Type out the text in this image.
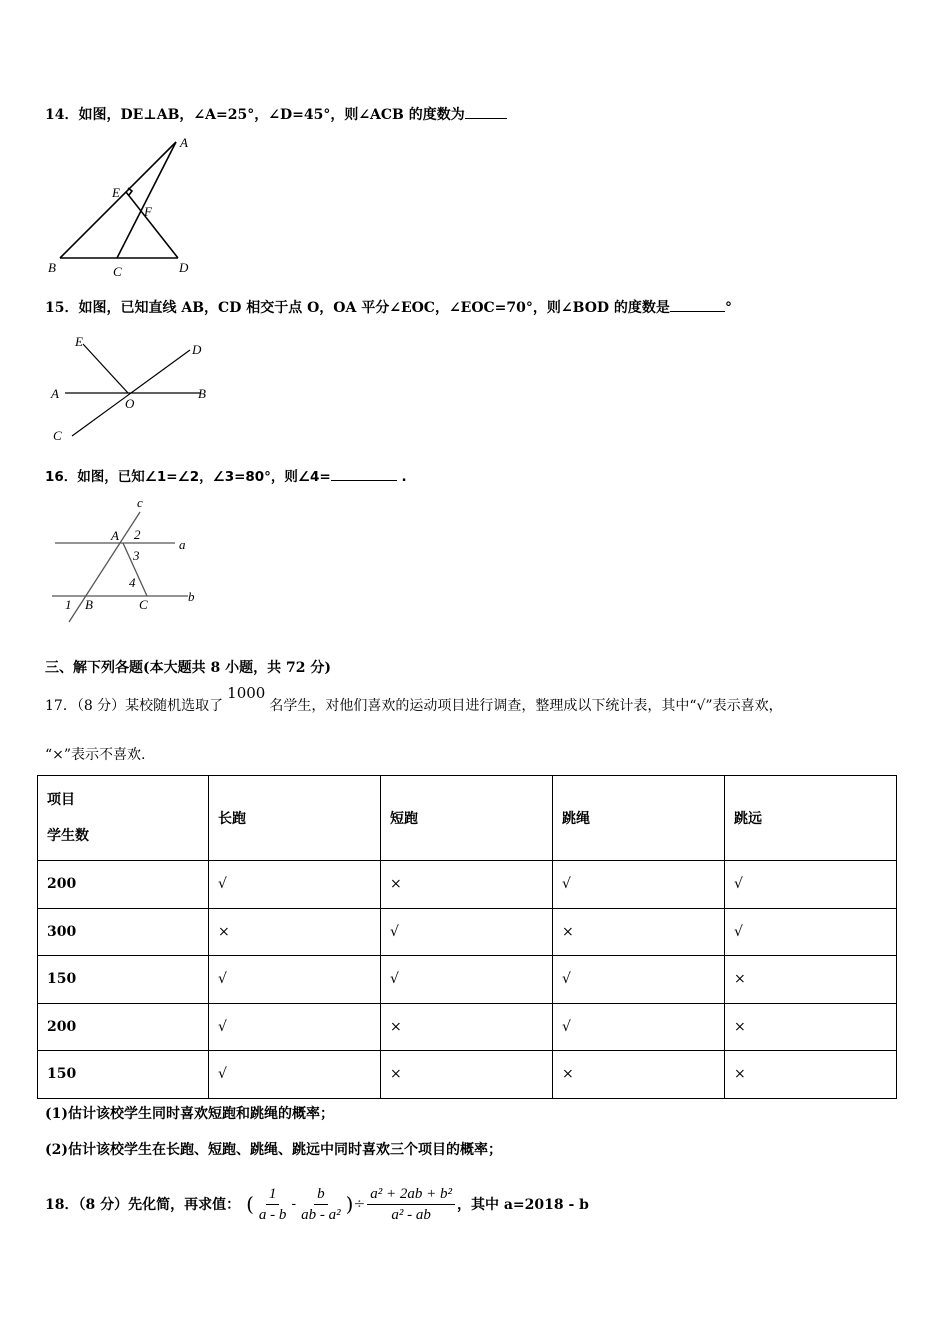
14．如图，DE⊥AB，∠A=25°，∠D=45°，则∠ACB 的度数为
A
B	C	D
E
F
15．如图，已知直线 AB，CD 相交于点 O，OA 平分∠EOC，∠EOC=70°，则∠BOD 的度数是	°
E
D
A	B
O
C
16．如图，已知∠1=∠2，∠3=80°，则∠4=	.
c
A 2
a
3
4
b
1 B	C
三、解下列各题(本大题共 8 小题，共 72 分)
17．（8 分）某校随机选取了1000名学生，对他们喜欢的运动项目进行调查，整理成以下统计表，其中“√”表示喜欢，
“×”表示不喜欢.
项目
学生数	长跑	短跑	跳绳	跳远
200	√	×	√	√
300	×	√	×	√
150	√	√	√	×
200	√	×	√	×
150	√	×	×	×
(1)估计该校学生同时喜欢短跑和跳绳的概率；
(2)估计该校学生在长跑、短跑、跳绳、跳远中同时喜欢三个项目的概率；
18．（8 分）先化简，再求值： ( $\frac{1}{a - b} - \frac{b}{\text{ab - a²}}$ ) ÷ $\frac{\text{a² + 2ab + b²}}{\text{a² - ab}}$ ，其中 a=2018 - b
